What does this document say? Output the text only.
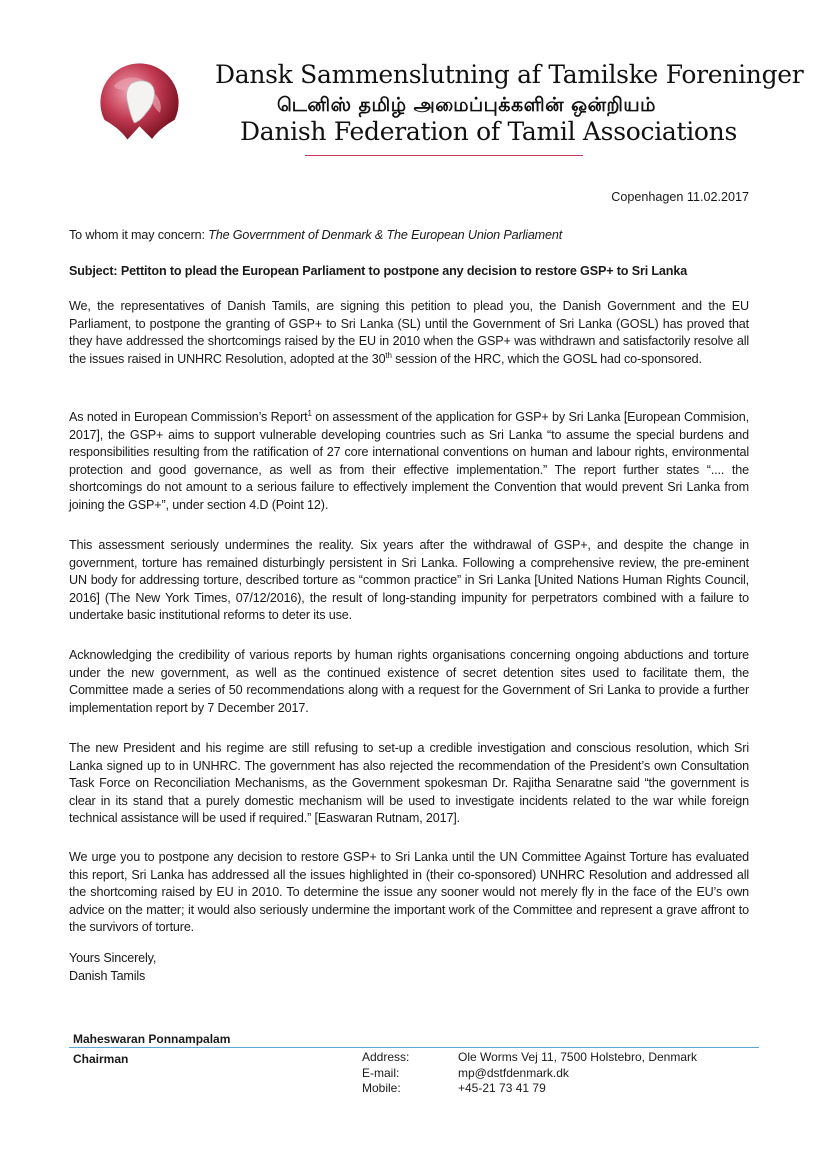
Dansk Sammenslutning af Tamilske Foreninger
டெனிஸ் தமிழ் அமைப்புக்களின் ஒன்றியம்
Danish Federation of Tamil Associations
Copenhagen 11.02.2017
To whom it may concern: The Goverrnment of Denmark & The European Union Parliament
Subject: Pettiton to plead the European Parliament to postpone any decision to restore GSP+ to Sri Lanka
We, the representatives of Danish Tamils, are signing this petition to plead you, the Danish Government and the EU Parliament, to postpone the granting of GSP+ to Sri Lanka (SL) until the Government of Sri Lanka (GOSL) has proved that they have addressed the shortcomings raised by the EU in 2010 when the GSP+ was withdrawn and satisfactorily resolve all the issues raised in UNHRC Resolution, adopted at the 30th session of the HRC, which the GOSL had co-sponsored.
As noted in European Commission’s Report$^1$ on assessment of the application for GSP+ by Sri Lanka [European Commision, 2017], the GSP+ aims to support vulnerable developing countries such as Sri Lanka “to assume the special burdens and responsibilities resulting from the ratification of 27 core international conventions on human and labour rights, environmental protection and good governance, as well as from their effective implementation.” The report further states “.... the shortcomings do not amount to a serious failure to effectively implement the Convention that would prevent Sri Lanka from joining the GSP+”, under section 4.D (Point 12).
This assessment seriously undermines the reality. Six years after the withdrawal of GSP+, and despite the change in government, torture has remained disturbingly persistent in Sri Lanka. Following a comprehensive review, the pre-eminent UN body for addressing torture, described torture as “common practice” in Sri Lanka [United Nations Human Rights Council, 2016] (The New York Times, 07/12/2016), the result of long-standing impunity for perpetrators combined with a failure to undertake basic institutional reforms to deter its use.
Acknowledging the credibility of various reports by human rights organisations concerning ongoing abductions and torture under the new government, as well as the continued existence of secret detention sites used to facilitate them, the Committee made a series of 50 recommendations along with a request for the Government of Sri Lanka to provide a further implementation report by 7 December 2017.
The new President and his regime are still refusing to set-up a credible investigation and conscious resolution, which Sri Lanka signed up to in UNHRC. The government has also rejected the recommendation of the President’s own Consultation Task Force on Reconciliation Mechanisms, as the Government spokesman Dr. Rajitha Senaratne said “the government is clear in its stand that a purely domestic mechanism will be used to investigate incidents related to the war while foreign technical assistance will be used if required.” [Easwaran Rutnam, 2017].
We urge you to postpone any decision to restore GSP+ to Sri Lanka until the UN Committee Against Torture has evaluated this report, Sri Lanka has addressed all the issues highlighted in (their co-sponsored) UNHRC Resolution and addressed all the shortcoming raised by EU in 2010. To determine the issue any sooner would not merely fly in the face of the EU’s own advice on the matter; it would also seriously undermine the important work of the Committee and represent a grave affront to the survivors of torture.
Yours Sincerely,
Danish Tamils
Maheswaran Ponnampalam
Chairman	Address:	Ole Worms Vej 11, 7500 Holstebro, Denmark
E-mail:	mp@dstfdenmark.dk
Mobile:	+45-21 73 41 79
